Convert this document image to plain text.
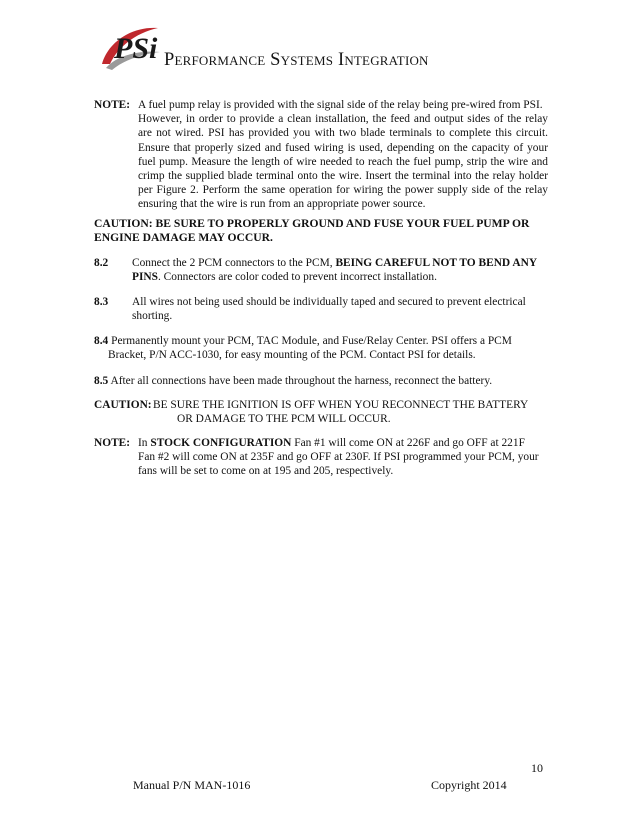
PSi Performance Systems Integration
NOTE: A fuel pump relay is provided with the signal side of the relay being pre-wired from PSI.
However, in order to provide a clean installation, the feed and output sides of the relay are not wired. PSI has provided you with two blade terminals to complete this circuit. Ensure that properly sized and fused wiring is used, depending on the capacity of your fuel pump. Measure the length of wire needed to reach the fuel pump, strip the wire and crimp the supplied blade terminal onto the wire. Insert the terminal into the relay holder per Figure 2. Perform the same operation for wiring the power supply side of the relay ensuring that the wire is run from an appropriate power source.
CAUTION: BE SURE TO PROPERLY GROUND AND FUSE YOUR FUEL PUMP OR ENGINE DAMAGE MAY OCCUR.
8.2	Connect the 2 PCM connectors to the PCM, BEING CAREFUL NOT TO BEND ANY PINS. Connectors are color coded to prevent incorrect installation.
8.3	All wires not being used should be individually taped and secured to prevent electrical shorting.
8.4 Permanently mount your PCM, TAC Module, and Fuse/Relay Center. PSI offers a PCM
Bracket, P/N ACC-1030, for easy mounting of the PCM. Contact PSI for details.
8.5 After all connections have been made throughout the harness, reconnect the battery.
CAUTION: BE SURE THE IGNITION IS OFF WHEN YOU RECONNECT THE BATTERY
OR DAMAGE TO THE PCM WILL OCCUR.
NOTE: In STOCK CONFIGURATION Fan #1 will come ON at 226F and go OFF at 221F
Fan #2 will come ON at 235F and go OFF at 230F. If PSI programmed your PCM, your fans will be set to come on at 195 and 205, respectively.
10
Manual P/N MAN-1016	Copyright 2014
